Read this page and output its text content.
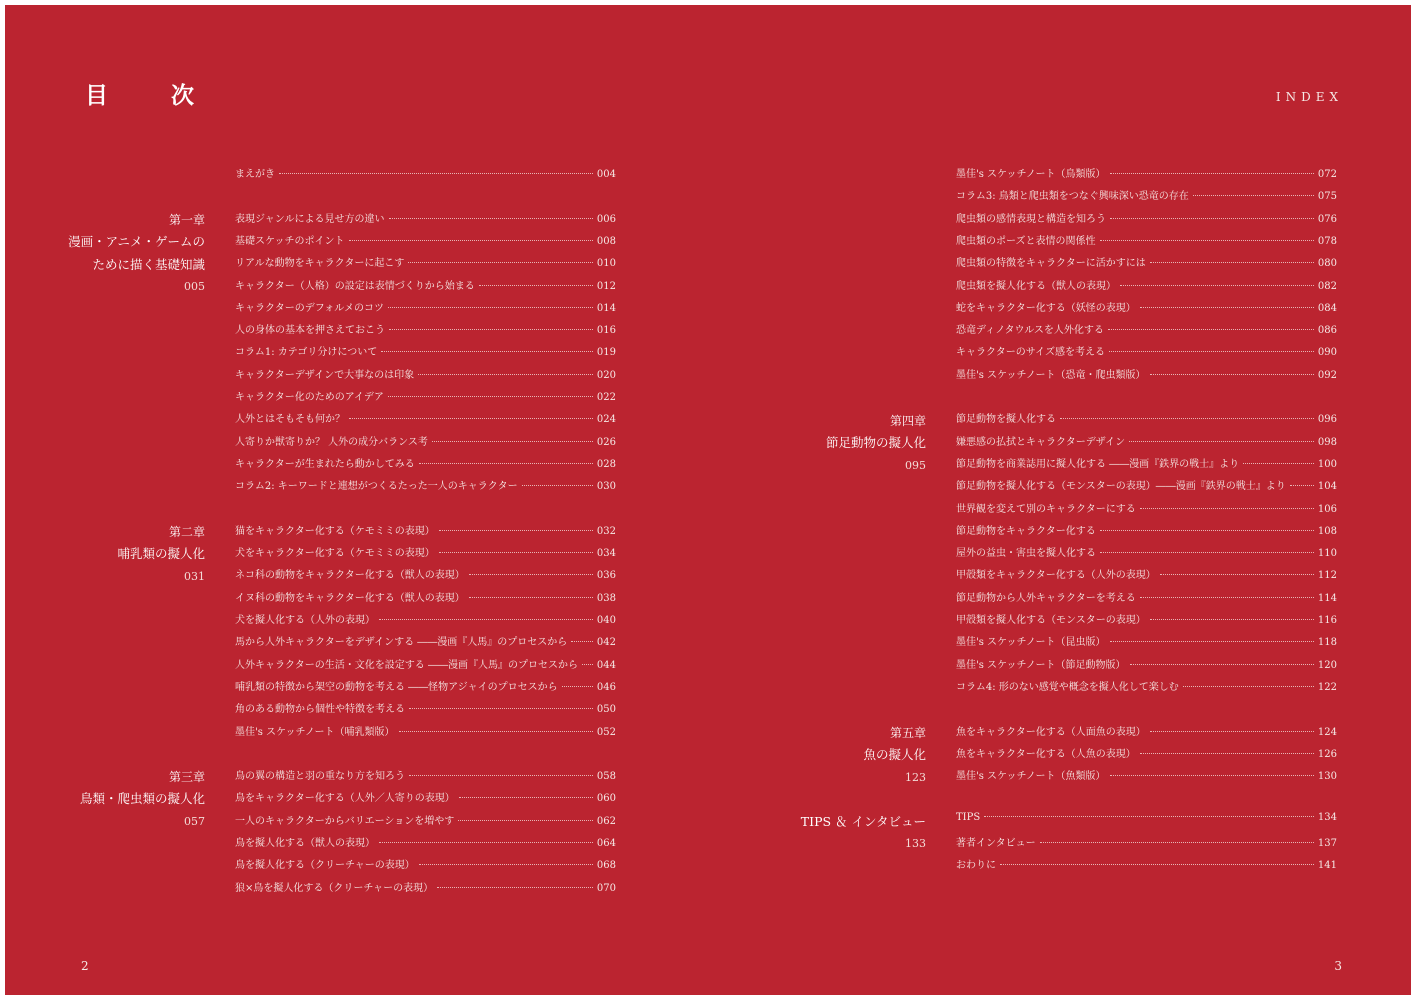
目　次	INDEX
第一章
漫画・アニメ・ゲームの
ために描く基礎知識
005
第二章
哺乳類の擬人化
031
第三章
鳥類・爬虫類の擬人化
057
第四章
節足動物の擬人化
095
第五章
魚の擬人化
123
TIPS ＆ インタビュー
133
まえがき	004
表現ジャンルによる見せ方の違い	006
基礎スケッチのポイント	008
リアルな動物をキャラクターに起こす	010
キャラクター（人格）の設定は表情づくりから始まる	012
キャラクターのデフォルメのコツ	014
人の身体の基本を押さえておこう	016
コラム1: カテゴリ分けについて	019
キャラクターデザインで大事なのは印象	020
キャラクター化のためのアイデア	022
人外とはそもそも何か？	024
人寄りか獣寄りか？ 人外の成分バランス考	026
キャラクターが生まれたら動かしてみる	028
コラム2: キーワードと連想がつくるたった一人のキャラクター	030
猫をキャラクター化する（ケモミミの表現）	032
犬をキャラクター化する（ケモミミの表現）	034
ネコ科の動物をキャラクター化する（獣人の表現）	036
イヌ科の動物をキャラクター化する（獣人の表現）	038
犬を擬人化する（人外の表現）	040
馬から人外キャラクターをデザインする ――漫画『人馬』のプロセスから	042
人外キャラクターの生活・文化を設定する ――漫画『人馬』のプロセスから 044
哺乳類の特徴から架空の動物を考える ――怪物アジャイのプロセスから	046
角のある動物から個性や特徴を考える	050
墨佳's スケッチノート（哺乳類版）	052
鳥の翼の構造と羽の重なり方を知ろう	058
鳥をキャラクター化する（人外／人寄りの表現）	060
一人のキャラクターからバリエーションを増やす	062
鳥を擬人化する（獣人の表現）	064
鳥を擬人化する（クリーチャーの表現）	068
狼×鳥を擬人化する（クリーチャーの表現）	070
墨佳's スケッチノート（鳥類版）	072
コラム3: 鳥類と爬虫類をつなぐ興味深い恐竜の存在	075
爬虫類の感情表現と構造を知ろう	076
爬虫類のポーズと表情の関係性	078
爬虫類の特徴をキャラクターに活かすには	080
爬虫類を擬人化する（獣人の表現）	082
蛇をキャラクター化する（妖怪の表現）	084
恐竜ディノタウルスを人外化する	086
キャラクターのサイズ感を考える	090
墨佳's スケッチノート（恐竜・爬虫類版）	092
節足動物を擬人化する	096
嫌悪感の払拭とキャラクターデザイン	098
節足動物を商業誌用に擬人化する ――漫画『鉄界の戦士』より	100
節足動物を擬人化する（モンスターの表現）――漫画『鉄界の戦士』より	104
世界観を変えて別のキャラクターにする	106
節足動物をキャラクター化する	108
屋外の益虫・害虫を擬人化する	110
甲殻類をキャラクター化する（人外の表現）	112
節足動物から人外キャラクターを考える	114
甲殻類を擬人化する（モンスターの表現）	116
墨佳's スケッチノート（昆虫版）	118
墨佳's スケッチノート（節足動物版）	120
コラム4: 形のない感覚や概念を擬人化して楽しむ	122
魚をキャラクター化する（人面魚の表現）	124
魚をキャラクター化する（人魚の表現）	126
墨佳's スケッチノート（魚類版）	130
TIPS	134
著者インタビュー	137
おわりに	141
2	3
